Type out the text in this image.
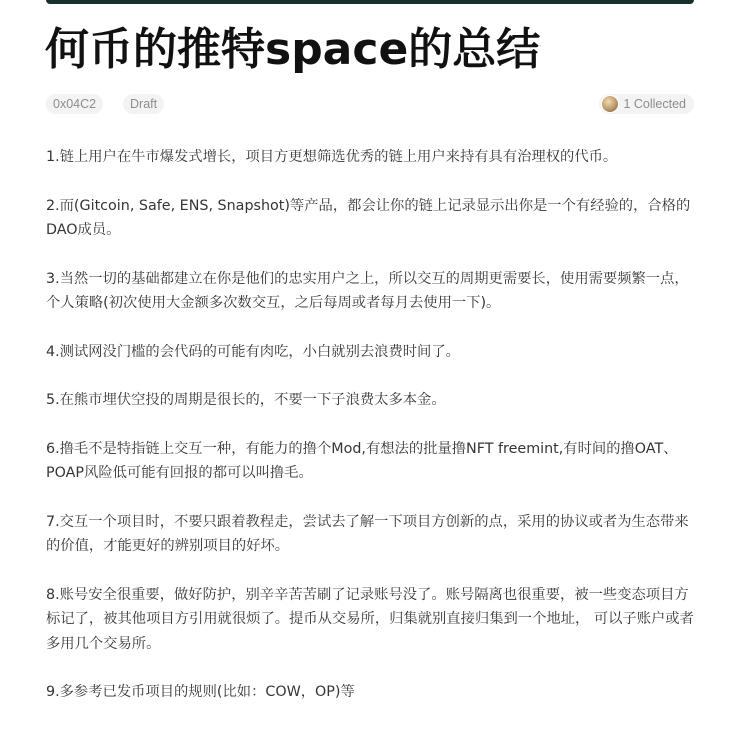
何币的推特space的总结
0x04C2	Draft	1 Collected

1.链上用户在牛市爆发式增长，项目方更想筛选优秀的链上用户来持有具有治理权的代币。

2.而(Gitcoin, Safe, ENS, Snapshot)等产品，都会让你的链上记录显示出你是一个有经验的，合格的DAO成员。

3.当然一切的基础都建立在你是他们的忠实用户之上，所以交互的周期更需要长，使用需要频繁一点，个人策略(初次使用大金额多次数交互，之后每周或者每月去使用一下)。

4.测试网没门槛的会代码的可能有肉吃，小白就别去浪费时间了。

5.在熊市埋伏空投的周期是很长的，不要一下子浪费太多本金。

6.撸毛不是特指链上交互一种，有能力的撸个Mod,有想法的批量撸NFT freemint,有时间的撸OAT、POAP风险低可能有回报的都可以叫撸毛。

7.交互一个项目时，不要只跟着教程走，尝试去了解一下项目方创新的点，采用的协议或者为生态带来的价值，才能更好的辨别项目的好坏。

8.账号安全很重要，做好防护，别辛辛苦苦刷了记录账号没了。账号隔离也很重要，被一些变态项目方标记了，被其他项目方引用就很烦了。提币从交易所，归集就别直接归集到一个地址， 可以子账户或者多用几个交易所。

9.多参考已发币项目的规则(比如：COW，OP)等
